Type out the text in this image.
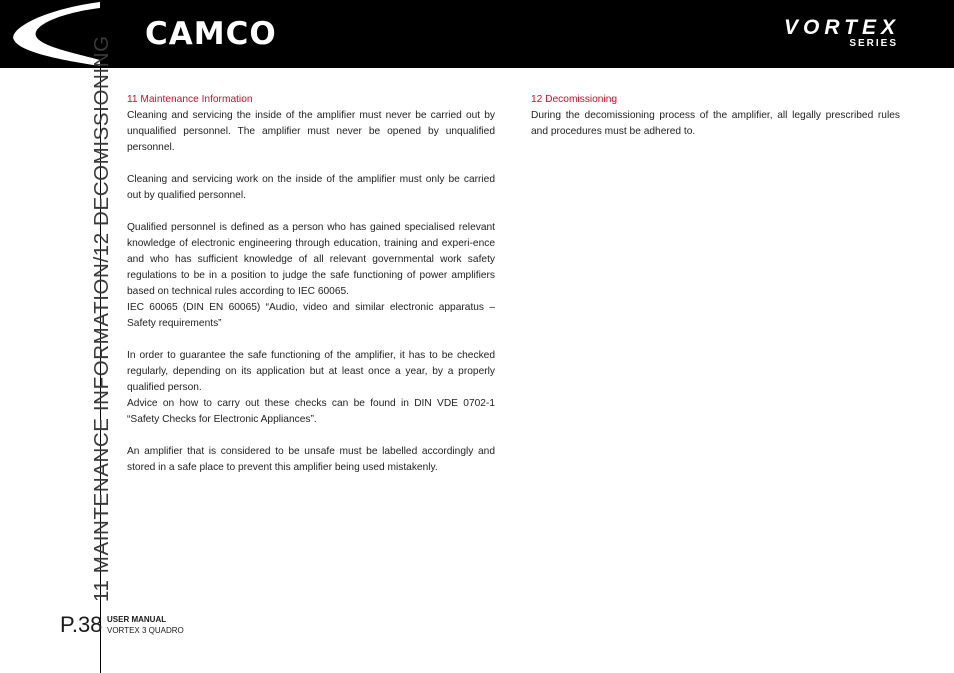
CAMCO	VORTEX
SERIES
11 MAINTENANCE INFORMATION/12 DECOMISSIONING
P.38 USER MANUAL
VORTEX 3 QUADRO
11 Maintenance Information

Cleaning and servicing the inside of the amplifier must never be carried out by unqualified personnel. The amplifier must never be opened by unqualified personnel.

Cleaning and servicing work on the inside of the amplifier must only be carried out by qualified personnel.

Qualified personnel is defined as a person who has gained specialised relevant knowledge of electronic engineering through education, training and experi-ence and who has sufficient knowledge of all relevant governmental work safety regulations to be in a position to judge the safe functioning of power amplifiers based on technical rules according to IEC 60065.

IEC 60065 (DIN EN 60065) “Audio, video and similar electronic apparatus – Safety requirements”

In order to guarantee the safe functioning of the amplifier, it has to be checked regularly, depending on its application but at least once a year, by a properly qualified person.

Advice on how to carry out these checks can be found in DIN VDE 0702-1 “Safety Checks for Electronic Appliances”.

An amplifier that is considered to be unsafe must be labelled accordingly and stored in a safe place to prevent this amplifier being used mistakenly.

12 Decomissioning

During the decomissioning process of the amplifier, all legally prescribed rules and procedures must be adhered to.
